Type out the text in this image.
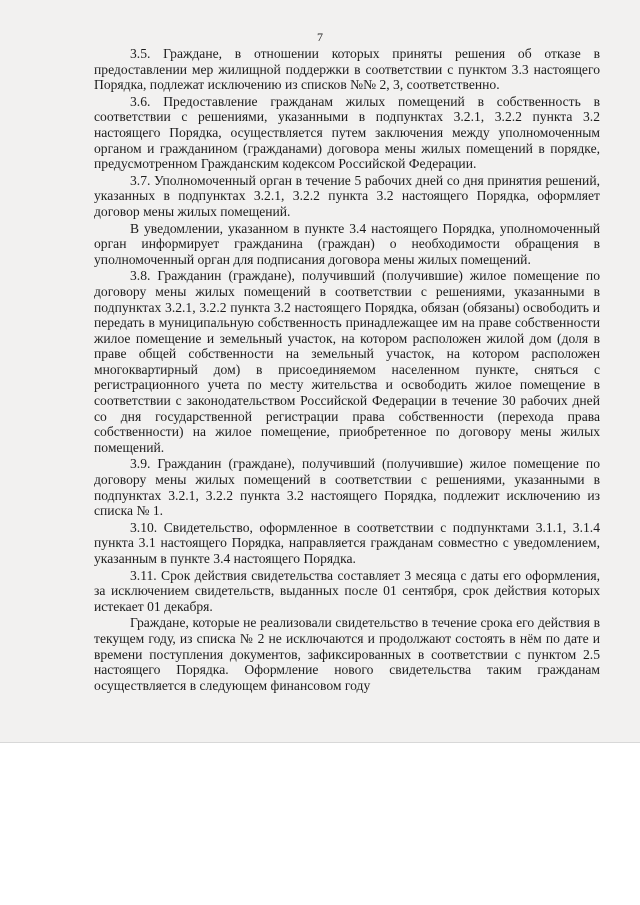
7

3.5. Граждане, в отношении которых приняты решения об отказе в предоставлении мер жилищной поддержки в соответствии с пунктом 3.3 настоящего Порядка, подлежат исключению из списков №№ 2, 3, соответственно.

3.6. Предоставление гражданам жилых помещений в собственность в соответствии с решениями, указанными в подпунктах 3.2.1, 3.2.2 пункта 3.2 настоящего Порядка, осуществляется путем заключения между уполномоченным органом и гражданином (гражданами) договора мены жилых помещений в порядке, предусмотренном Гражданским кодексом Российской Федерации.

3.7. Уполномоченный орган в течение 5 рабочих дней со дня принятия решений, указанных в подпунктах 3.2.1, 3.2.2 пункта 3.2 настоящего Порядка, оформляет договор мены жилых помещений.

В уведомлении, указанном в пункте 3.4 настоящего Порядка, уполномоченный орган информирует гражданина (граждан) о необходимости обращения в уполномоченный орган для подписания договора мены жилых помещений.

3.8. Гражданин (граждане), получивший (получившие) жилое помещение по договору мены жилых помещений в соответствии с решениями, указанными в подпунктах 3.2.1, 3.2.2 пункта 3.2 настоящего Порядка, обязан (обязаны) освободить и передать в муниципальную собственность принадлежащее им на праве собственности жилое помещение и земельный участок, на котором расположен жилой дом (доля в праве общей собственности на земельный участок, на котором расположен многоквартирный дом) в присоединяемом населенном пункте, сняться с регистрационного учета по месту жительства и освободить жилое помещение в соответствии с законодательством Российской Федерации в течение 30 рабочих дней со дня государственной регистрации права собственности (перехода права собственности) на жилое помещение, приобретенное по договору мены жилых помещений.

3.9. Гражданин (граждане), получивший (получившие) жилое помещение по договору мены жилых помещений в соответствии с решениями, указанными в подпунктах 3.2.1, 3.2.2 пункта 3.2 настоящего Порядка, подлежит исключению из списка № 1.

3.10. Свидетельство, оформленное в соответствии с подпунктами 3.1.1, 3.1.4 пункта 3.1 настоящего Порядка, направляется гражданам совместно с уведомлением, указанным в пункте 3.4 настоящего Порядка.

3.11. Срок действия свидетельства составляет 3 месяца с даты его оформления, за исключением свидетельств, выданных после 01 сентября, срок действия которых истекает 01 декабря.

Граждане, которые не реализовали свидетельство в течение срока его действия в текущем году, из списка № 2 не исключаются и продолжают состоять в нём по дате и времени поступления документов, зафиксированных в соответствии с пунктом 2.5 настоящего Порядка. Оформление нового свидетельства таким гражданам осуществляется в следующем финансовом году
